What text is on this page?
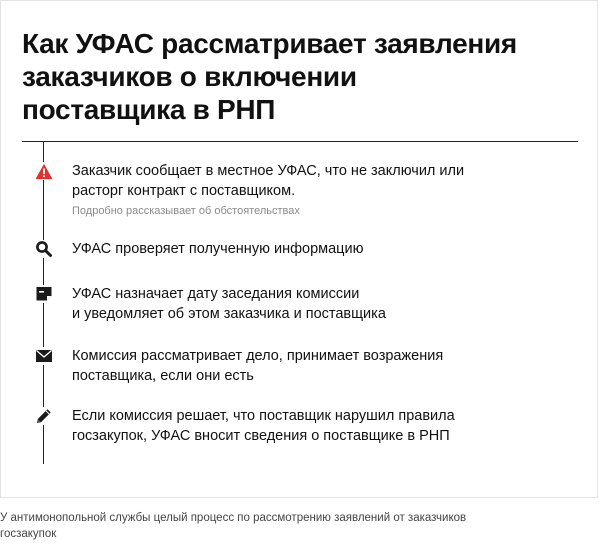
Как УФАС рассматривает заявления
заказчиков о включении
поставщика в РНП
Заказчик сообщает в местное УФАС, что не заключил или
расторг контракт с поставщиком.
Подробно рассказывает об обстоятельствах
УФАС проверяет полученную информацию
УФАС назначает дату заседания комиссии
и уведомляет об этом заказчика и поставщика
Комиссия рассматривает дело, принимает возражения
поставщика, если они есть
Если комиссия решает, что поставщик нарушил правила
госзакупок, УФАС вносит сведения о поставщике в РНП
У антимонопольной службы целый процесс по рассмотрению заявлений от заказчиков
госзакупок
